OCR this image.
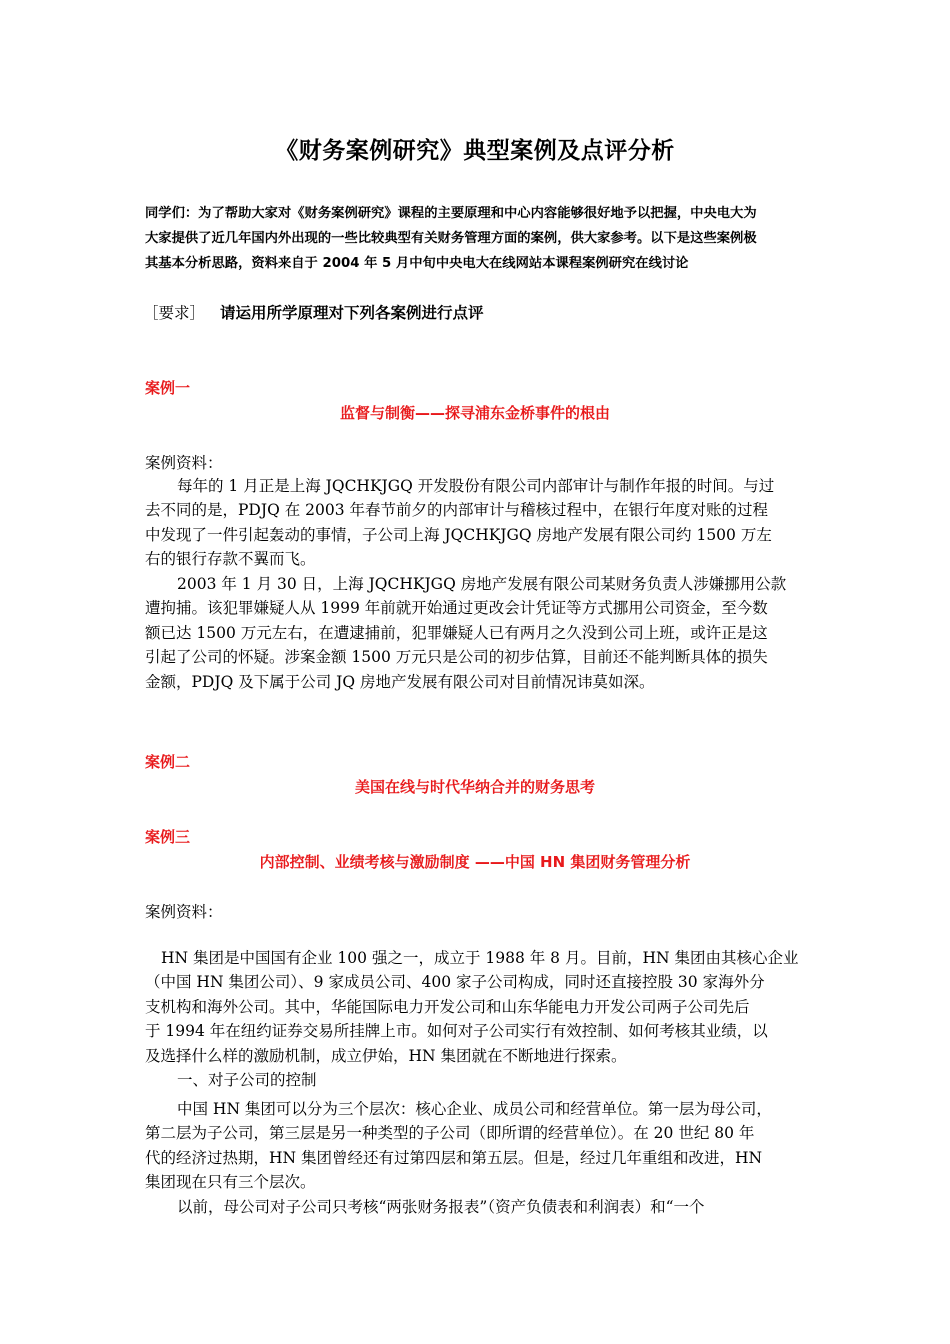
《财务案例研究》典型案例及点评分析
同学们：为了帮助大家对《财务案例研究》课程的主要原理和中心内容能够很好地予以把握，中央电大为
大家提供了近几年国内外出现的一些比较典型有关财务管理方面的案例，供大家参考。以下是这些案例极
其基本分析思路，资料来自于 2004 年 5 月中旬中央电大在线网站本课程案例研究在线讨论
［要求］ 请运用所学原理对下列各案例进行点评
案例一
监督与制衡——探寻浦东金桥事件的根由
案例资料：
每年的 1 月正是上海 JQCHKJGQ 开发股份有限公司内部审计与制作年报的时间。与过
去不同的是，PDJQ 在 2003 年春节前夕的内部审计与稽核过程中，在银行年度对账的过程
中发现了一件引起轰动的事情，子公司上海 JQCHKJGQ 房地产发展有限公司约 1500 万左
右的银行存款不翼而飞。
2003 年 1 月 30 日，上海 JQCHKJGQ 房地产发展有限公司某财务负责人涉嫌挪用公款
遭拘捕。该犯罪嫌疑人从 1999 年前就开始通过更改会计凭证等方式挪用公司资金，至今数
额已达 1500 万元左右，在遭逮捕前，犯罪嫌疑人已有两月之久没到公司上班，或许正是这
引起了公司的怀疑。涉案金额 1500 万元只是公司的初步估算，目前还不能判断具体的损失
金额，PDJQ 及下属于公司 JQ 房地产发展有限公司对目前情况讳莫如深。
案例二
美国在线与时代华纳合并的财务思考
案例三
内部控制、业绩考核与激励制度 ——中国 HN 集团财务管理分析
案例资料：
HN 集团是中国国有企业 100 强之一，成立于 1988 年 8 月。目前，HN 集团由其核心企业
（中国 HN 集团公司）、9 家成员公司、400 家子公司构成，同时还直接控股 30 家海外分
支机构和海外公司。其中，华能国际电力开发公司和山东华能电力开发公司两子公司先后
于 1994 年在纽约证券交易所挂牌上市。如何对子公司实行有效控制、如何考核其业绩，以
及选择什么样的激励机制，成立伊始，HN 集团就在不断地进行探索。
一、对子公司的控制
中国 HN 集团可以分为三个层次：核心企业、成员公司和经营单位。第一层为母公司，
第二层为子公司，第三层是另一种类型的子公司（即所谓的经营单位）。在 20 世纪 80 年
代的经济过热期，HN 集团曾经还有过第四层和第五层。但是，经过几年重组和改进，HN
集团现在只有三个层次。
以前，母公司对子公司只考核“两张财务报表”（资产负债表和利润表）和“一个
